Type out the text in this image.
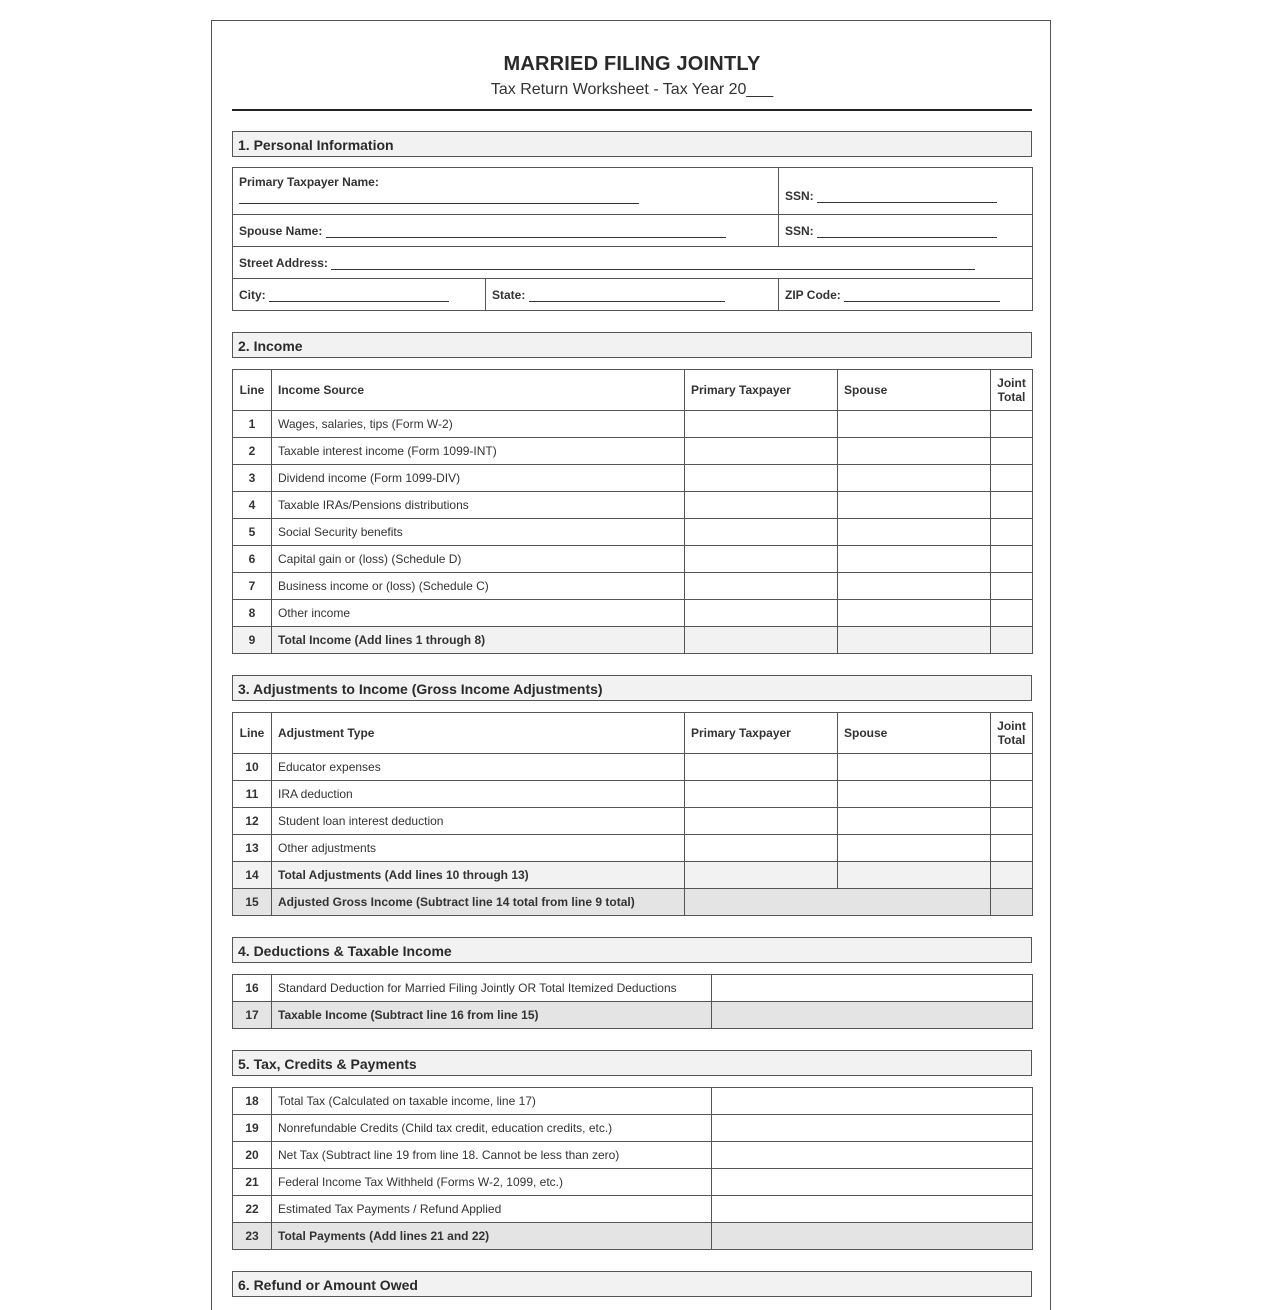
MARRIED FILING JOINTLY
Tax Return Worksheet - Tax Year 20___
1. Personal Information
Primary Taxpayer Name:		SSN:
Spouse Name:		SSN:
Street Address:		
City:	State:	ZIP Code:
2. Income
Line	Income Source	Primary Taxpayer	Spouse	Joint Total
1	Wages, salaries, tips (Form W-2)			
2	Taxable interest income (Form 1099-INT)			
3	Dividend income (Form 1099-DIV)			
4	Taxable IRAs/Pensions distributions			
5	Social Security benefits			
6	Capital gain or (loss) (Schedule D)			
7	Business income or (loss) (Schedule C)			
8	Other income			
9	Total Income (Add lines 1 through 8)			
3. Adjustments to Income (Gross Income Adjustments)
Line	Adjustment Type	Primary Taxpayer	Spouse	Joint Total
10	Educator expenses			
11	IRA deduction			
12	Student loan interest deduction			
13	Other adjustments			
14	Total Adjustments (Add lines 10 through 13)			
15	Adjusted Gross Income (Subtract line 14 total from line 9 total)			
4. Deductions & Taxable Income
16	Standard Deduction for Married Filing Jointly OR Total Itemized Deductions	
17	Taxable Income (Subtract line 16 from line 15)	
5. Tax, Credits & Payments
18	Total Tax (Calculated on taxable income, line 17)	
19	Nonrefundable Credits (Child tax credit, education credits, etc.)	
20	Net Tax (Subtract line 19 from line 18. Cannot be less than zero)	
21	Federal Income Tax Withheld (Forms W-2, 1099, etc.)	
22	Estimated Tax Payments / Refund Applied	
23	Total Payments (Add lines 21 and 22)	
6. Refund or Amount Owed
